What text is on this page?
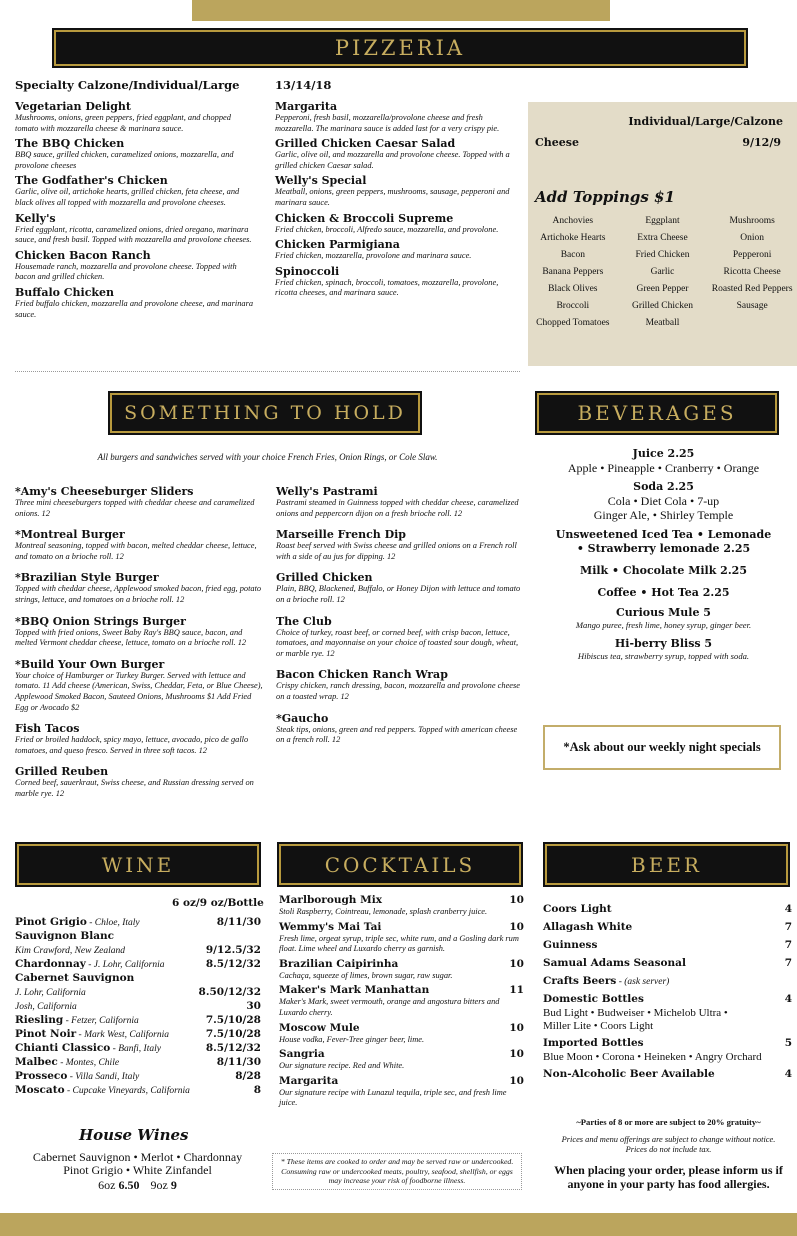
PIZZERIA
Specialty Calzone/Individual/Large	13/14/18
Vegetarian Delight
Mushrooms, onions, green peppers, fried eggplant, and chopped tomato with mozzarella cheese & marinara sauce.
The BBQ Chicken
BBQ sauce, grilled chicken, caramelized onions, mozzarella, and provolone cheeses
The Godfather's Chicken
Garlic, olive oil, artichoke hearts, grilled chicken, feta cheese, and black olives all topped with mozzarella and provolone cheeses.
Kelly's
Fried eggplant, ricotta, caramelized onions, dried oregano, marinara sauce, and fresh basil. Topped with mozzarella and provolone cheeses.
Chicken Bacon Ranch
Housemade ranch, mozzarella and provolone cheese. Topped with bacon and grilled chicken.
Buffalo Chicken
Fried buffalo chicken, mozzarella and provolone cheese, and marinara sauce.
Margarita
Pepperoni, fresh basil, mozzarella/provolone cheese and fresh mozzarella. The marinara sauce is added last for a very crispy pie.
Grilled Chicken Caesar Salad
Garlic, olive oil, and mozzarella and provolone cheese. Topped with a grilled chicken Caesar salad.
Welly's Special
Meatball, onions, green peppers, mushrooms, sausage, pepperoni and marinara sauce.
Chicken & Broccoli Supreme
Fried chicken, broccoli, Alfredo sauce, mozzarella, and provolone.
Chicken Parmigiana
Fried chicken, mozzarella, provolone and marinara sauce.
Spinoccoli
Fried chicken, spinach, broccoli, tomatoes, mozzarella, provolone, ricotta cheeses, and marinara sauce.
Individual/Large/Calzone
Cheese	9/12/9
Add Toppings $1
Anchovies	Eggplant	Mushrooms
Artichoke Hearts	Extra Cheese	Onion
Bacon	Fried Chicken	Pepperoni
Banana Peppers	Garlic	Ricotta Cheese
Black Olives	Green Pepper	Roasted Red Peppers
Broccoli	Grilled Chicken	Sausage
Chopped Tomatoes	Meatball
SOMETHING TO HOLD
All burgers and sandwiches served with your choice French Fries, Onion Rings, or Cole Slaw.
*Amy's Cheeseburger Sliders
Three mini cheeseburgers topped with cheddar cheese and caramelized onions. 12
*Montreal Burger
Montreal seasoning, topped with bacon, melted cheddar cheese, lettuce, and tomato on a brioche roll. 12
*Brazilian Style Burger
Topped with cheddar cheese, Applewood smoked bacon, fried egg, potato strings, lettuce, and tomatoes on a brioche roll. 12
*BBQ Onion Strings Burger
Topped with fried onions, Sweet Baby Ray's BBQ sauce, bacon, and melted Vermont cheddar cheese, lettuce, tomato on a brioche roll. 12
*Build Your Own Burger
Your choice of Hamburger or Turkey Burger. Served with lettuce and tomato. 11 Add cheese (American, Swiss, Cheddar, Feta, or Blue Cheese), Applewood Smoked Bacon, Sauteed Onions, Mushrooms $1 Add Fried Egg or Avocado $2
Fish Tacos
Fried or broiled haddock, spicy mayo, lettuce, avocado, pico de gallo tomatoes, and queso fresco. Served in three soft tacos. 12
Grilled Reuben
Corned beef, sauerkraut, Swiss cheese, and Russian dressing served on marble rye. 12
Welly's Pastrami
Pastrami steamed in Guinness topped with cheddar cheese, caramelized onions and peppercorn dijon on a fresh brioche roll. 12
Marseille French Dip
Roast beef served with Swiss cheese and grilled onions on a French roll with a side of au jus for dipping. 12
Grilled Chicken
Plain, BBQ, Blackened, Buffalo, or Honey Dijon with lettuce and tomato on a brioche roll. 12
The Club
Choice of turkey, roast beef, or corned beef, with crisp bacon, lettuce, tomatoes, and mayonnaise on your choice of toasted sour dough, wheat, or marble rye. 12
Bacon Chicken Ranch Wrap
Crispy chicken, ranch dressing, bacon, mozzarella and provolone cheese on a toasted wrap. 12
*Gaucho
Steak tips, onions, green and red peppers. Topped with american cheese on a french roll. 12
BEVERAGES
Juice 2.25
Apple • Pineapple • Cranberry • Orange
Soda 2.25
Cola • Diet Cola • 7-up
Ginger Ale, • Shirley Temple
Unsweetened Iced Tea • Lemonade
• Strawberry lemonade 2.25
Milk • Chocolate Milk 2.25
Coffee • Hot Tea 2.25
Curious Mule 5
Mango puree, fresh lime, honey syrup, ginger beer.
Hi-berry Bliss 5
Hibiscus tea, strawberry syrup, topped with soda.
*Ask about our weekly night specials
WINE
6 oz/9 oz/Bottle
Pinot Grigio - Chloe, Italy	8/11/30
Sauvignon Blanc
Kim Crawford, New Zealand	9/12.5/32
Chardonnay - J. Lohr, California	8.5/12/32
Cabernet Sauvignon
J. Lohr, California	8.50/12/32
Josh, California	30
Riesling - Fetzer, California	7.5/10/28
Pinot Noir - Mark West, California	7.5/10/28
Chianti Classico - Banfi, Italy	8.5/12/32
Malbec - Montes, Chile	8/11/30
Prosseco - Villa Sandi, Italy	8/28
Moscato - Cupcake Vineyards, California	8
House Wines
Cabernet Sauvignon • Merlot • Chardonnay
Pinot Grigio • White Zinfandel
6oz 6.50 9oz 9
COCKTAILS
Marlborough Mix	10
Stoli Raspberry, Cointreau, lemonade, splash cranberry juice.
Wemmy's Mai Tai	10
Fresh lime, orgeat syrup, triple sec, white rum, and a Gosling dark rum float. Lime wheel and Luxardo cherry as garnish.
Brazilian Caipirinha	10
Cachaça, squeeze of limes, brown sugar, raw sugar.
Maker's Mark Manhattan	11
Maker's Mark, sweet vermouth, orange and angostura bitters and Luxardo cherry.
Moscow Mule	10
House vodka, Fever-Tree ginger beer, lime.
Sangria	10
Our signature recipe. Red and White.
Margarita	10
Our signature recipe with Lunazul tequila, triple sec, and fresh lime juice.
* These items are cooked to order and may be served raw or undercooked. Consuming raw or undercooked meats, poultry, seafood, shellfish, or eggs may increase your risk of foodborne illness.
BEER
Coors Light	4
Allagash White	7
Guinness	7
Samual Adams Seasonal	7
Crafts Beers - (ask server)
Domestic Bottles	4
Bud Light • Budweiser • Michelob Ultra •
Miller Lite • Coors Light
Imported Bottles	5
Blue Moon • Corona • Heineken • Angry Orchard
Non-Alcoholic Beer Available	4
~Parties of 8 or more are subject to 20% gratuity~
Prices and menu offerings are subject to change without notice.
Prices do not include tax.
When placing your order, please inform us if anyone in your party has food allergies.
